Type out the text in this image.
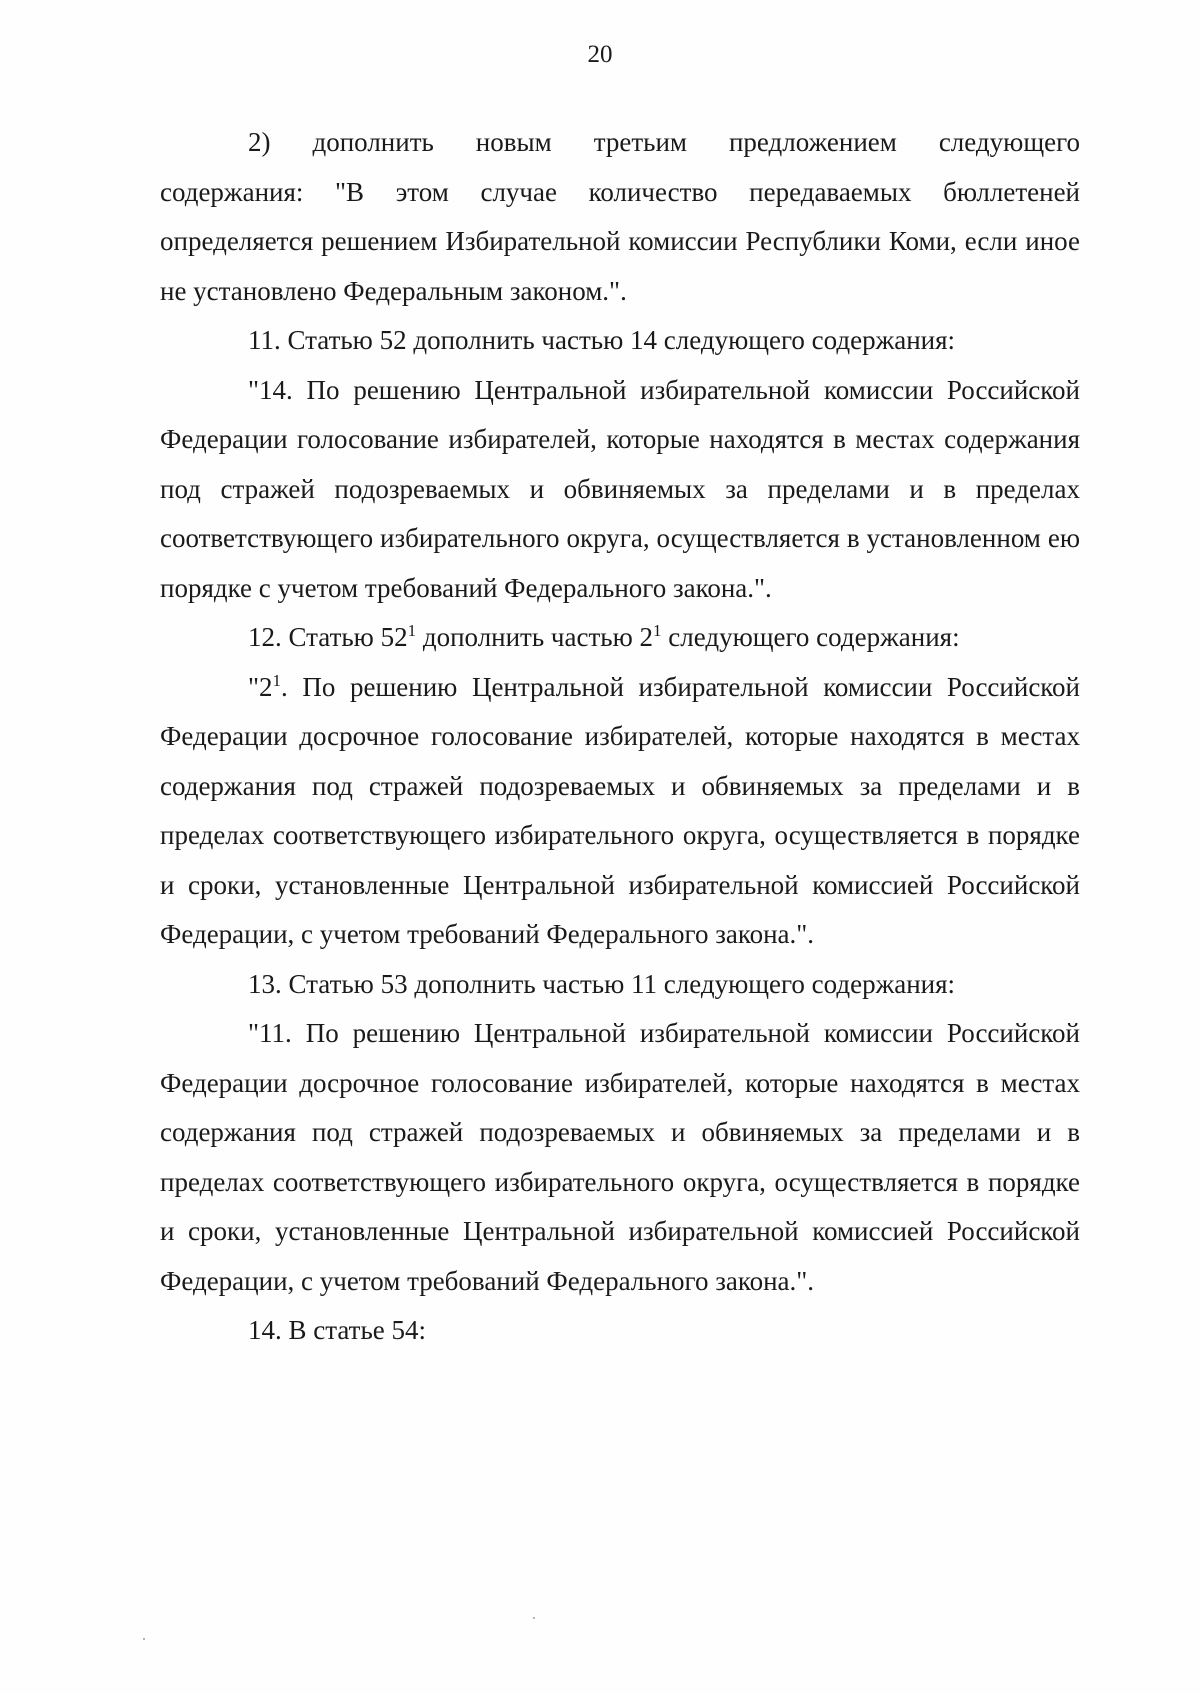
20

2) дополнить новым третьим предложением следующего

содержания: "В этом случае количество передаваемых бюллетеней определяется решением Избирательной комиссии Республики Коми, если иное не установлено Федеральным законом.".

11. Статью 52 дополнить частью 14 следующего содержания:

"14. По решению Центральной избирательной комиссии Российской Федерации голосование избирателей, которые находятся в местах содержания под стражей подозреваемых и обвиняемых за пределами и в пределах соответствующего избирательного округа, осуществляется в установленном ею порядке с учетом требований Федерального закона.".

12. Статью $52^1$ дополнить частью $2^1$ следующего содержания:

"$2^1$. По решению Центральной избирательной комиссии Российской Федерации досрочное голосование избирателей, которые находятся в местах содержания под стражей подозреваемых и обвиняемых за пределами и в пределах соответствующего избирательного округа, осуществляется в порядке и сроки, установленные Центральной избирательной комиссией Российской Федерации, с учетом требований Федерального закона.".

13. Статью 53 дополнить частью 11 следующего содержания:

"11. По решению Центральной избирательной комиссии Российской Федерации досрочное голосование избирателей, которые находятся в местах содержания под стражей подозреваемых и обвиняемых за пределами и в пределах соответствующего избирательного округа, осуществляется в порядке и сроки, установленные Центральной избирательной комиссией Российской Федерации, с учетом требований Федерального закона.".

14. В статье 54:
